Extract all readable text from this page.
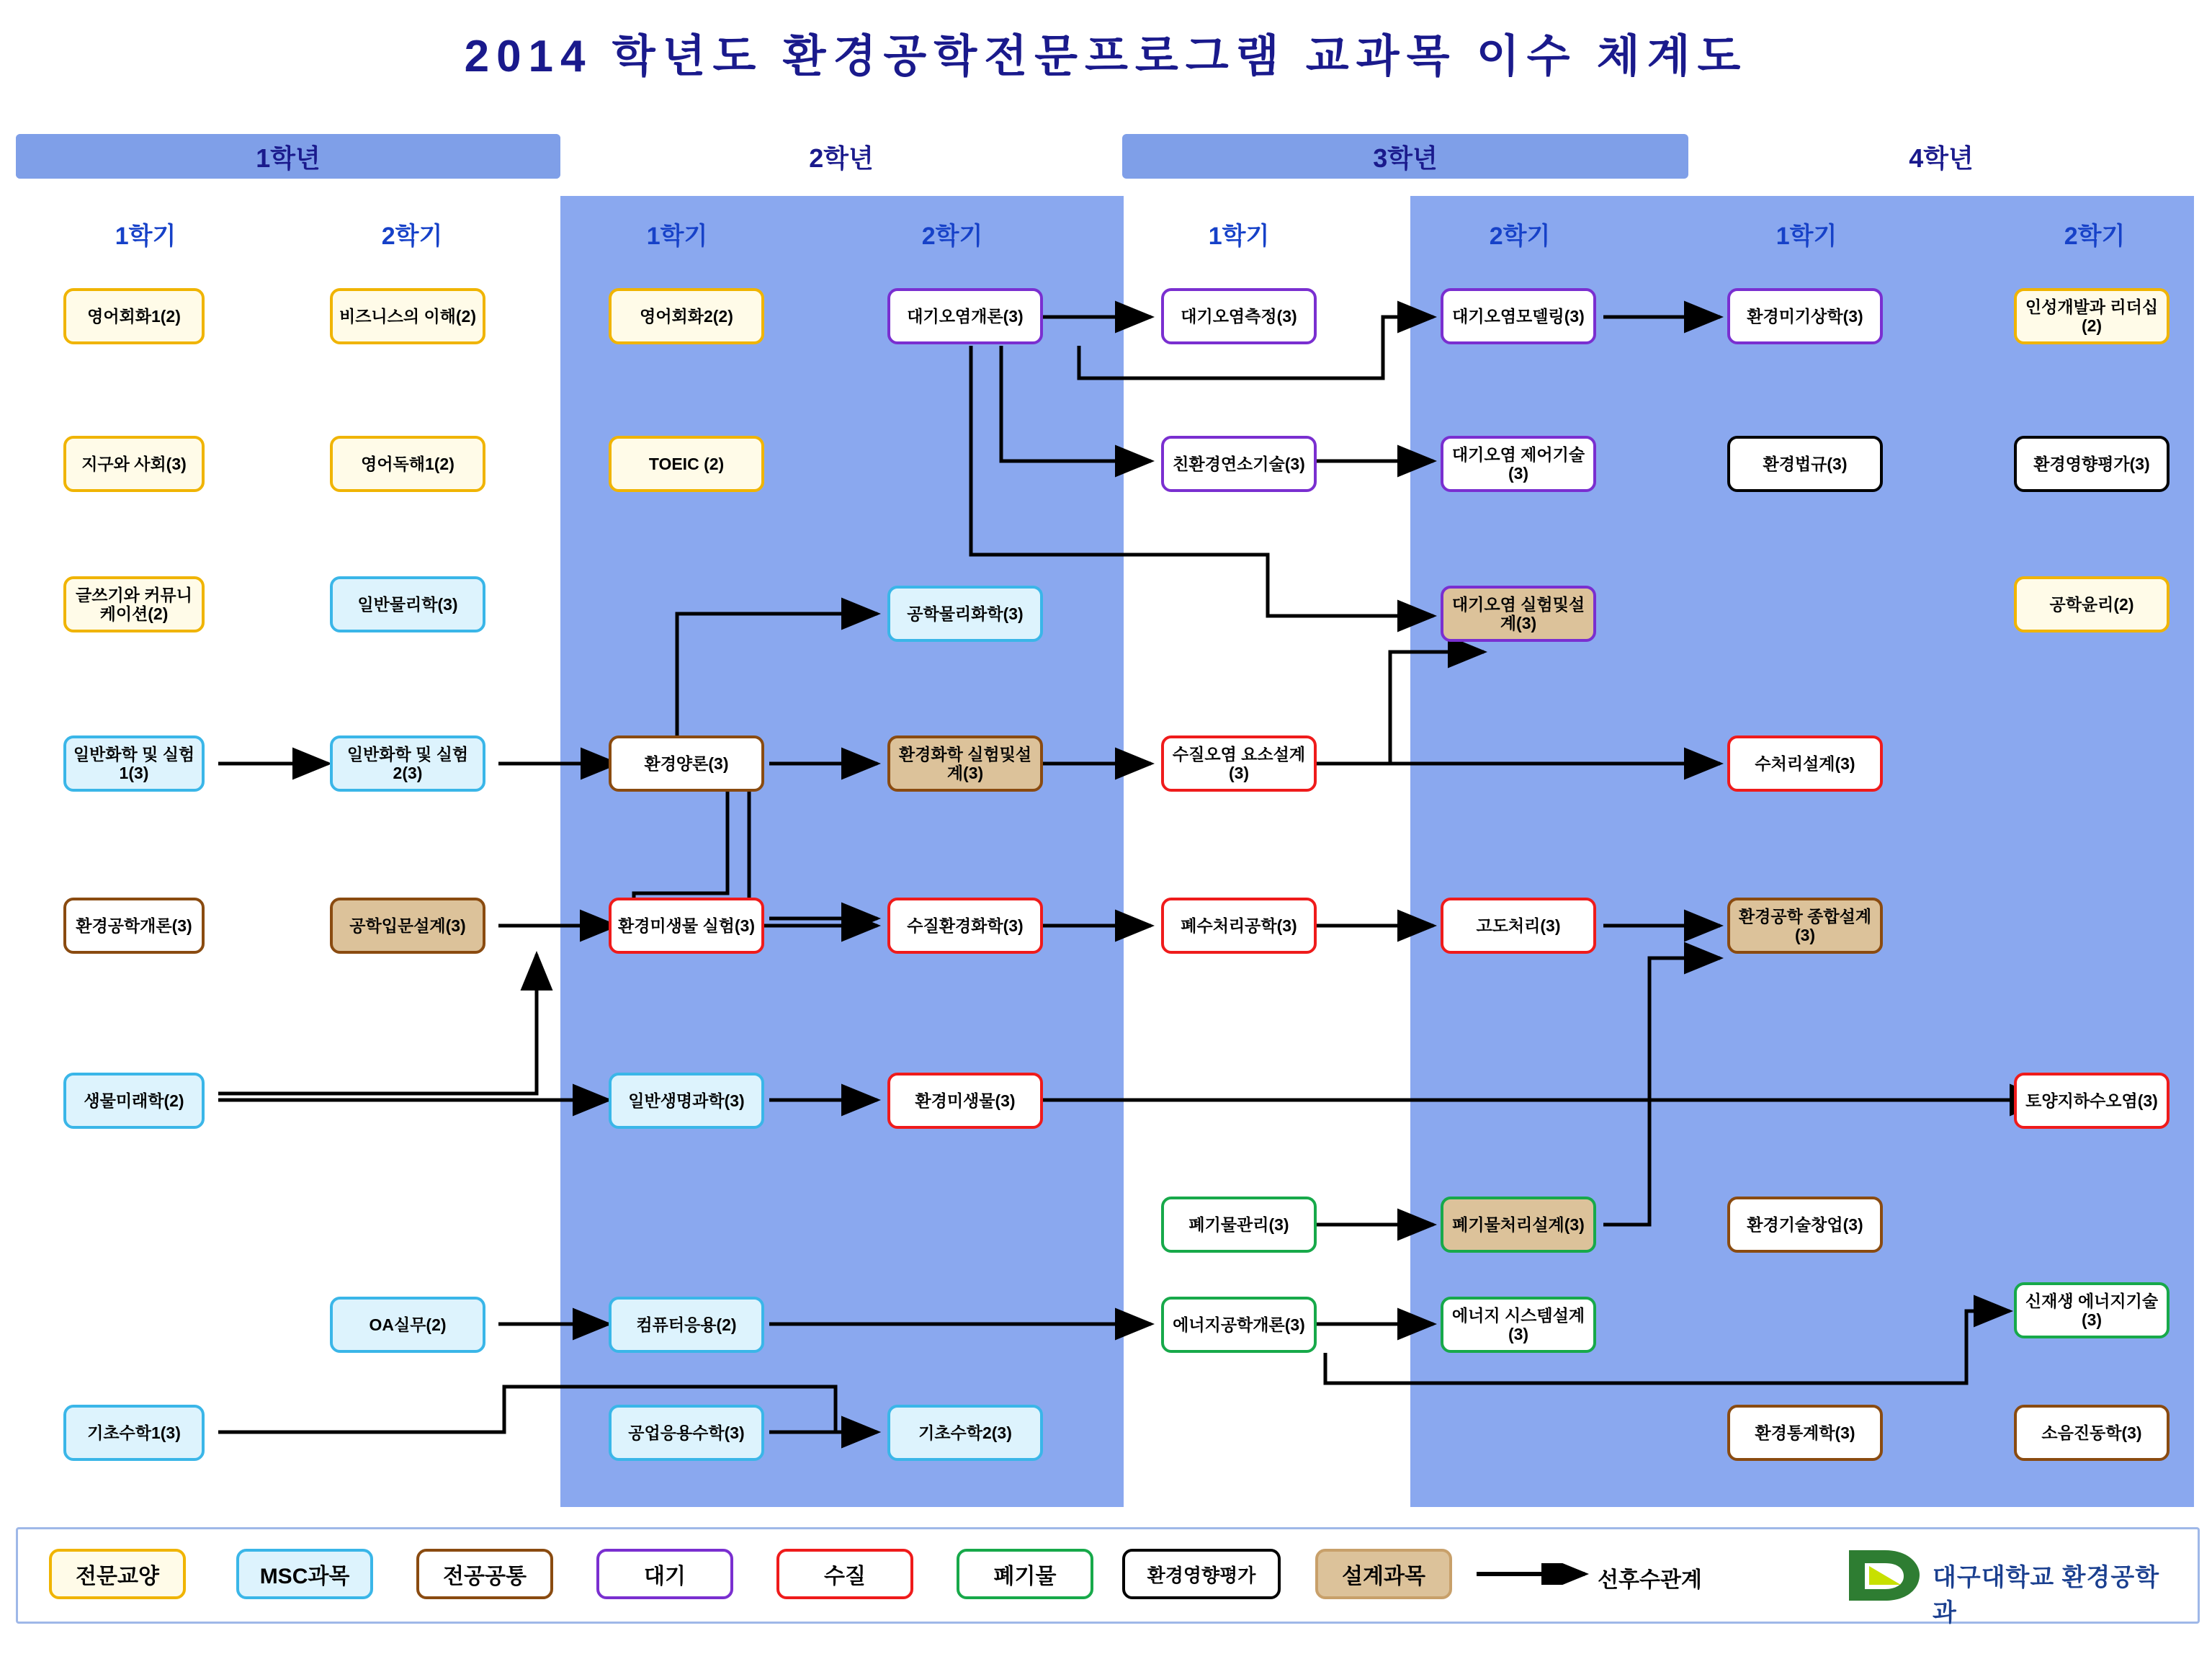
2014 학년도 환경공학전문프로그램 교과목 이수 체계도
1학년	2학년	3학년	4학년
1학기	2학기	1학기	2학기	1학기	2학기	1학기	2학기
영어회화1(2)
지구와 사회(3)
글쓰기와 커뮤니케이션(2)
일반화학 및 실험1(3)
환경공학개론(3)
생물미래학(2)
기초수학1(3)
비즈니스의 이해(2)
영어독해1(2)
일반물리학(3)
일반화학 및 실험2(3)
공학입문설계(3)
OA실무(2)
영어회화2(2)
TOEIC (2)
환경양론(3)
환경미생물 실험(3)
일반생명과학(3)
컴퓨터응용(2)
공업응용수학(3)
대기오염개론(3)
공학물리화학(3)
환경화학 실험및설계(3)
수질환경화학(3)
환경미생물(3)
기초수학2(3)
대기오염측정(3)
친환경연소기술(3)
수질오염 요소설계(3)
폐수처리공학(3)
폐기물관리(3)
에너지공학개론(3)
대기오염모델링(3)
대기오염 제어기술(3)
대기오염 실험및설계(3)
고도처리(3)
폐기물처리설계(3)
에너지 시스템설계(3)
환경미기상학(3)
환경법규(3)
수처리설계(3)
환경공학 종합설계(3)
환경기술창업(3)
환경통계학(3)
인성개발과 리더십(2)
환경영향평가(3)
공학윤리(2)
토양지하수오염(3)
신재생 에너지기술(3)
소음진동학(3)
전문교양	MSC과목	전공공통	대기	수질	폐기물	환경영향평가	설계과목	선후수관계	대구대학교 환경공학과
